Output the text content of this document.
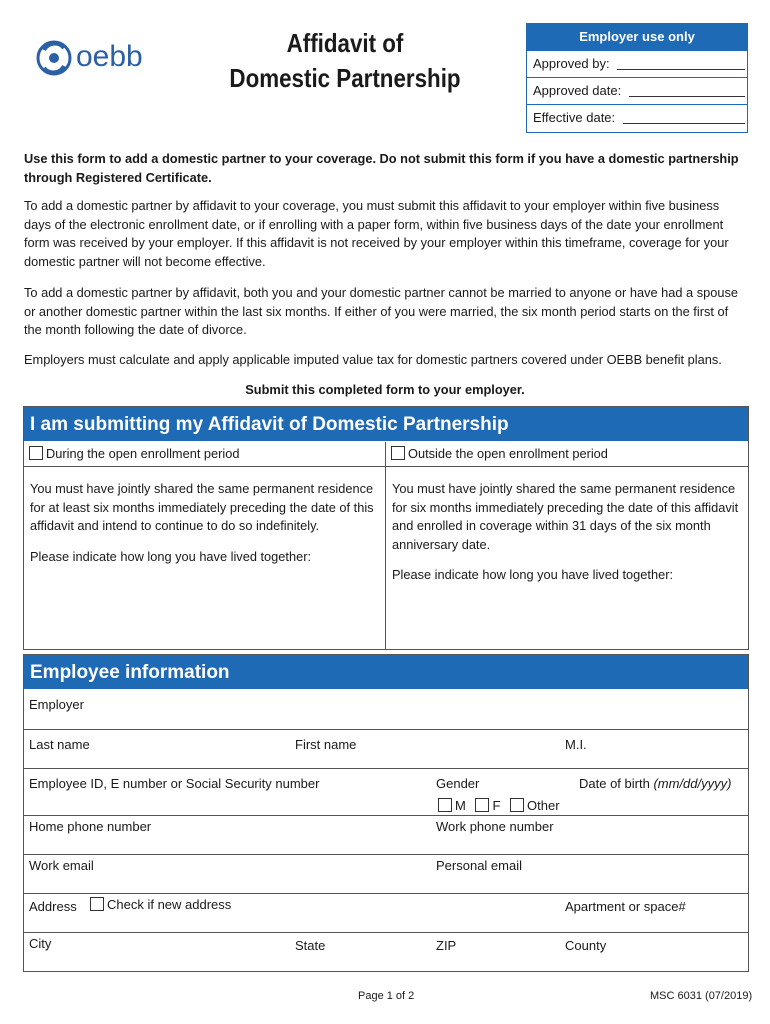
oebb	Affidavit of
Domestic Partnership
Employer use only
Approved by:
Approved date:
Effective date:
Use this form to add a domestic partner to your coverage. Do not submit this form if you have a domestic partnership through Registered Certificate.
To add a domestic partner by affidavit to your coverage, you must submit this affidavit to your employer within five business days of the electronic enrollment date, or if enrolling with a paper form, within five business days of the date your enrollment form was received by your employer. If this affidavit is not received by your employer within this timeframe, coverage for your domestic partner will not become effective.
To add a domestic partner by affidavit, both you and your domestic partner cannot be married to anyone or have had a spouse or another domestic partner within the last six months. If either of you were married, the six month period starts on the first of the month following the date of divorce.
Employers must calculate and apply applicable imputed value tax for domestic partners covered under OEBB benefit plans.
Submit this completed form to your employer.
I am submitting my Affidavit of Domestic Partnership
During the open enrollment period
You must have jointly shared the same permanent residence for at least six months immediately preceding the date of this affidavit and intend to continue to do so indefinitely.
Please indicate how long you have lived together:
Outside the open enrollment period
You must have jointly shared the same permanent residence for six months immediately preceding the date of this affidavit and enrolled in coverage within 31 days of the six month anniversary date.
Please indicate how long you have lived together:
Employee information
Employer
Last name	First name	M.I.
Employee ID, E number or Social Security number	Gender	Date of birth (mm/dd/yyyy)
M F Other
Home phone number	Work phone number
Work email	Personal email
Address	Check if new address	Apartment or space#
City	State	ZIP	County
Page 1 of 2	MSC 6031 (07/2019)
